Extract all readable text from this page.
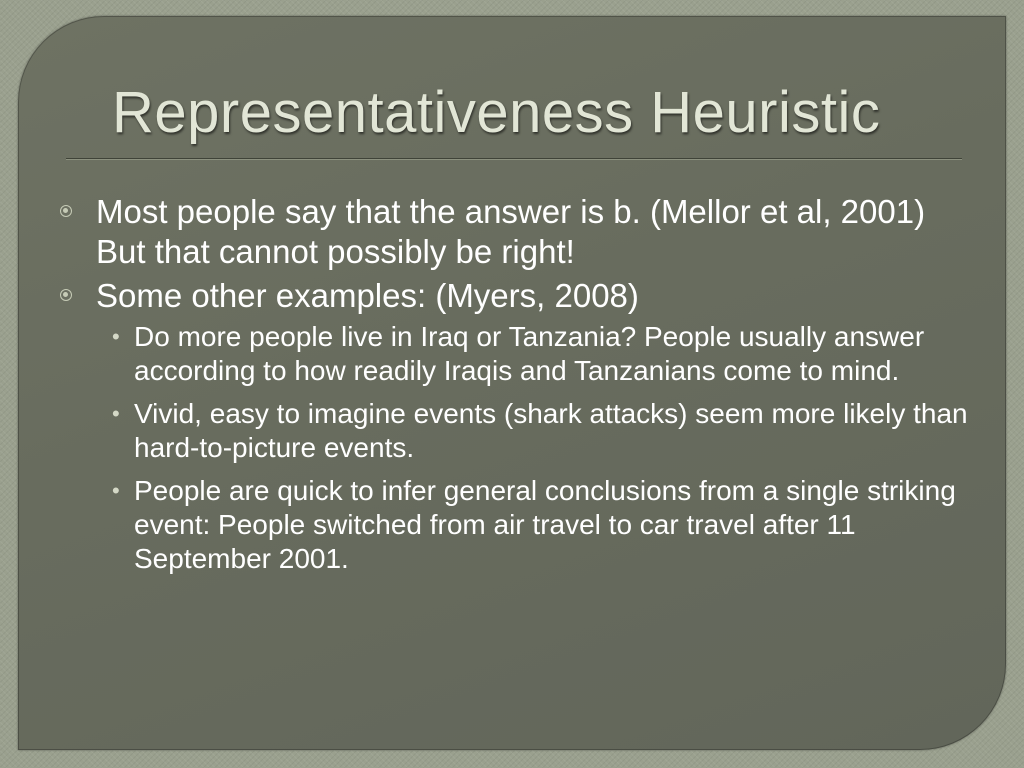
Representativeness Heuristic
Most people say that the answer is b. (Mellor et al, 2001) But that cannot possibly be right!
Some other examples: (Myers, 2008)
• Do more people live in Iraq or Tanzania? People usually answer according to how readily Iraqis and Tanzanians come to mind.
• Vivid, easy to imagine events (shark attacks) seem more likely than hard-to-picture events.
• People are quick to infer general conclusions from a single striking event: People switched from air travel to car travel after 11 September 2001.
